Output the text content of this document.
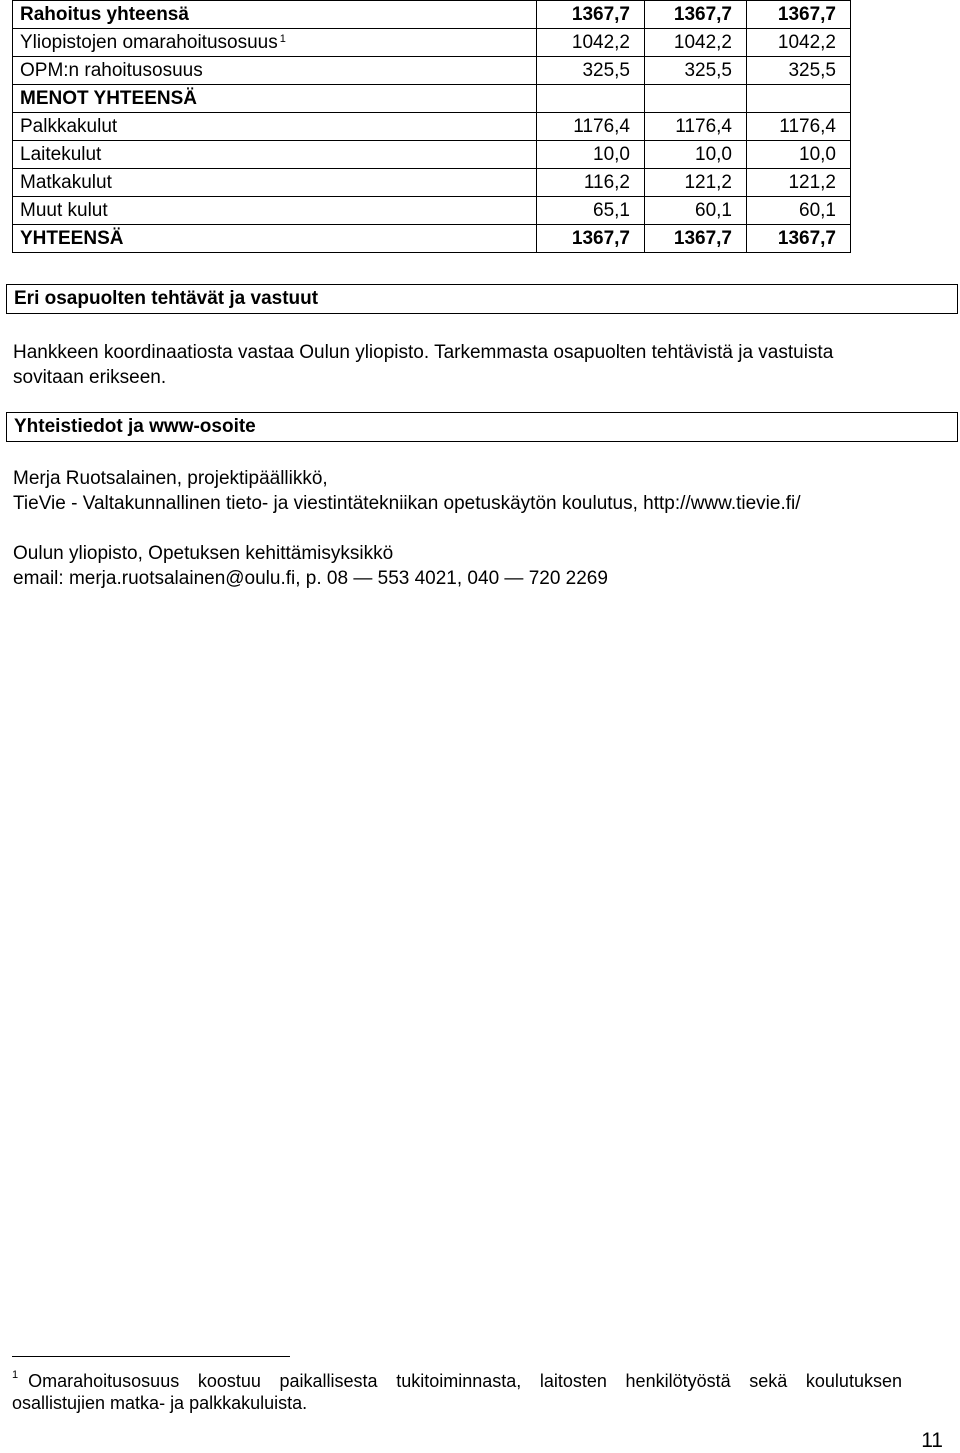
Rahoitus yhteensä	1367,7	1367,7	1367,7
Yliopistojen omarahoitusosuus $^1$	1042,2	1042,2	1042,2
OPM:n rahoitusosuus	325,5	325,5	325,5
MENOT YHTEENSÄ			
Palkkakulut	1176,4	1176,4	1176,4
Laitekulut	10,0	10,0	10,0
Matkakulut	116,2	121,2	121,2
Muut kulut	65,1	60,1	60,1
YHTEENSÄ	1367,7	1367,7	1367,7
Eri osapuolten tehtävät ja vastuut
Hankkeen koordinaatiosta vastaa Oulun yliopisto. Tarkemmasta osapuolten tehtävistä ja vastuista
sovitaan erikseen.
Yhteistiedot ja www-osoite
Merja Ruotsalainen, projektipäällikkö,
TieVie - Valtakunnallinen tieto- ja viestintätekniikan opetuskäytön koulutus, http://www.tievie.fi/
Oulun yliopisto, Opetuksen kehittämisyksikkö
email: merja.ruotsalainen@oulu.fi, p. 08 — 553 4021, 040 — 720 2269
1 Omarahoitusosuus koostuu paikallisesta tukitoiminnasta, laitosten henkilötyöstä sekä koulutuksen
osallistujien matka- ja palkkakuluista.
11
